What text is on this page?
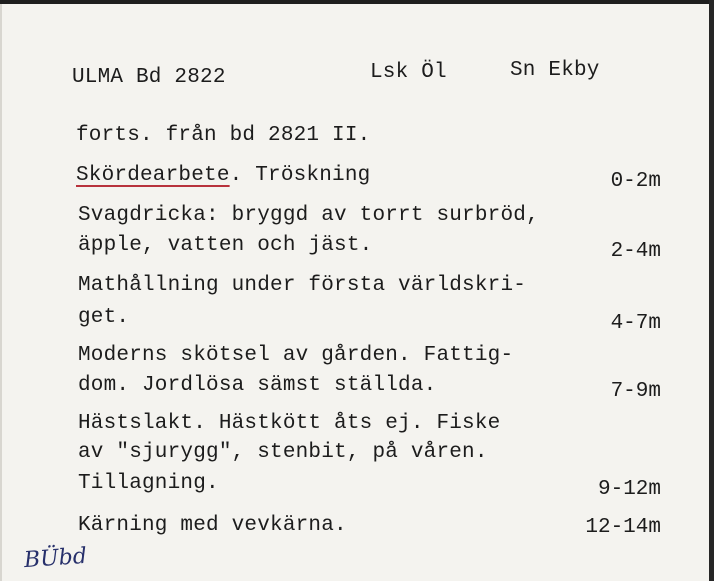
ULMA Bd 2822	Lsk Öl	Sn Ekby
forts. från bd 2821 II.
Skördearbete. Tröskning	0-2m
Svagdricka: bryggd av torrt surbröd,
äpple, vatten och jäst.	2-4m
Mathållning under första världskri-
get.	4-7m
Moderns skötsel av gården. Fattig-
dom. Jordlösa sämst ställda.	7-9m
Hästslakt. Hästkött åts ej. Fiske
av "sjurygg", stenbit, på våren.
Tillagning.	9-12m
Kärning med vevkärna.	12-14m
BÜbd
